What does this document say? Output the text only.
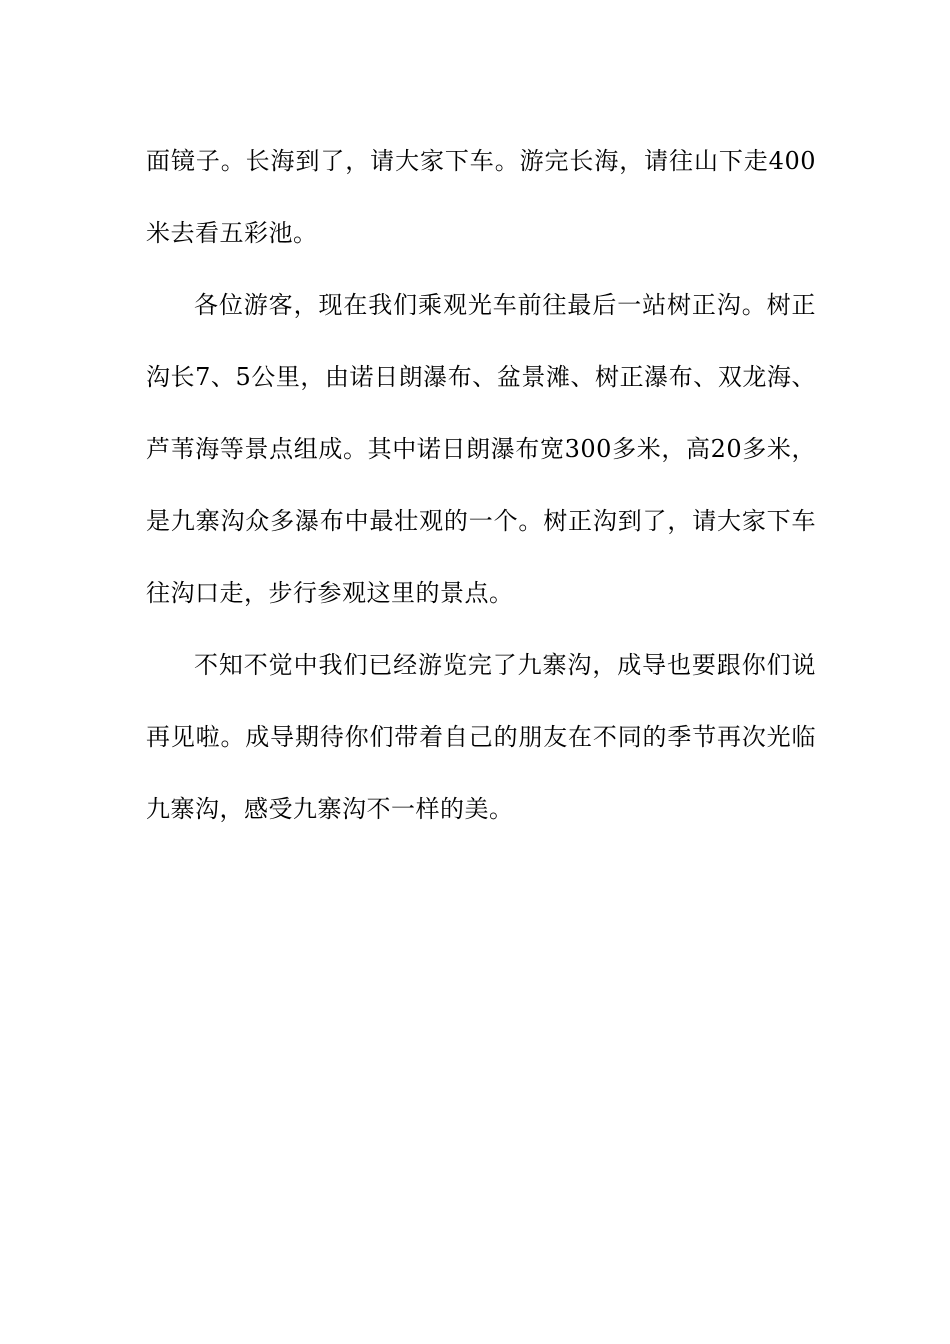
面镜子。长海到了，请大家下车。游完长海，请往山下走400米去看五彩池。

各位游客，现在我们乘观光车前往最后一站树正沟。树正沟长7、5公里，由诺日朗瀑布、盆景滩、树正瀑布、双龙海、芦苇海等景点组成。其中诺日朗瀑布宽300多米，高20多米，是九寨沟众多瀑布中最壮观的一个。树正沟到了，请大家下车往沟口走，步行参观这里的景点。

不知不觉中我们已经游览完了九寨沟，成导也要跟你们说再见啦。成导期待你们带着自己的朋友在不同的季节再次光临九寨沟，感受九寨沟不一样的美。
